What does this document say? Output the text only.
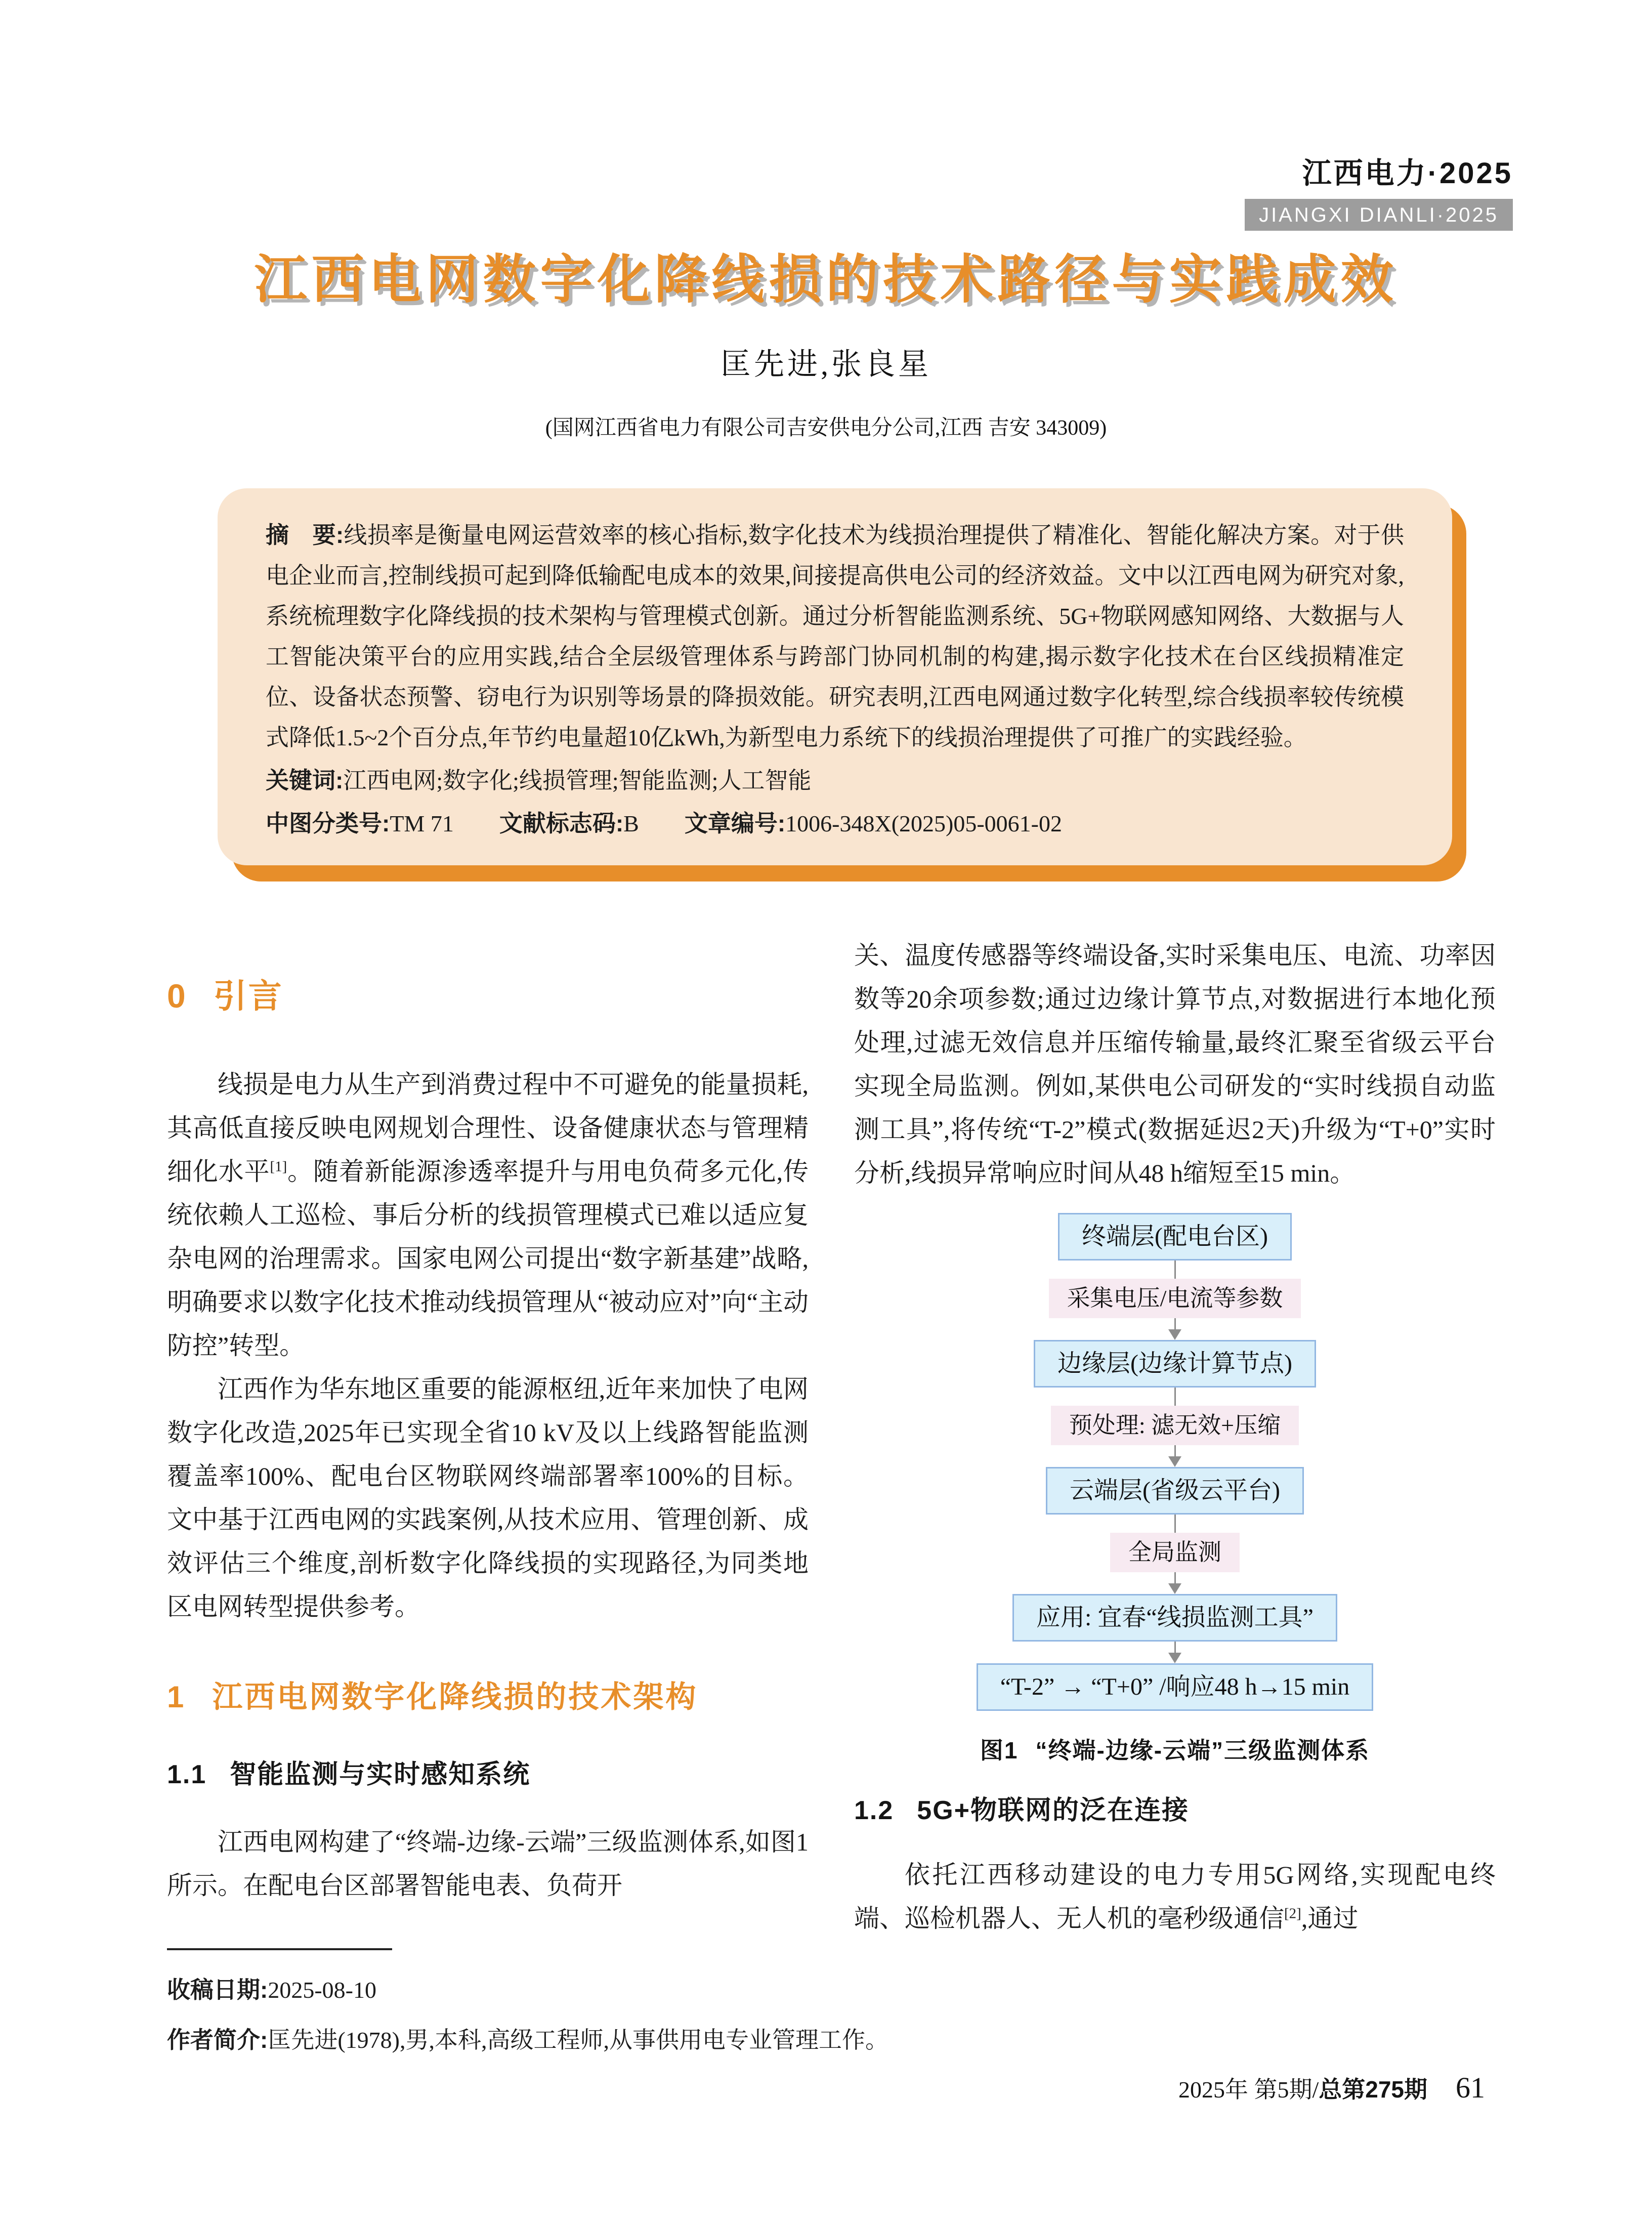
江西电力·2025
JIANGXI DIANLI·2025
江西电网数字化降线损的技术路径与实践成效
匡先进,张良星
(国网江西省电力有限公司吉安供电分公司,江西 吉安 343009)

摘　要:线损率是衡量电网运营效率的核心指标,数字化技术为线损治理提供了精准化、智能化解决方案。对于供电企业而言,控制线损可起到降低输配电成本的效果,间接提高供电公司的经济效益。文中以江西电网为研究对象,系统梳理数字化降线损的技术架构与管理模式创新。通过分析智能监测系统、5G+物联网感知网络、大数据与人工智能决策平台的应用实践,结合全层级管理体系与跨部门协同机制的构建,揭示数字化技术在台区线损精准定位、设备状态预警、窃电行为识别等场景的降损效能。研究表明,江西电网通过数字化转型,综合线损率较传统模式降低1.5~2个百分点,年节约电量超10亿kWh,为新型电力系统下的线损治理提供了可推广的实践经验。

关键词:江西电网;数字化;线损管理;智能监测;人工智能

中图分类号:TM 71 文献标志码:B 文章编号:1006-348X(2025)05-0061-02

0 引言

线损是电力从生产到消费过程中不可避免的能量损耗,其高低直接反映电网规划合理性、设备健康状态与管理精细化水平[1]。随着新能源渗透率提升与用电负荷多元化,传统依赖人工巡检、事后分析的线损管理模式已难以适应复杂电网的治理需求。国家电网公司提出“数字新基建”战略,明确要求以数字化技术推动线损管理从“被动应对”向“主动防控”转型。

江西作为华东地区重要的能源枢纽,近年来加快了电网数字化改造,2025年已实现全省10 kV及以上线路智能监测覆盖率100%、配电台区物联网终端部署率100%的目标。文中基于江西电网的实践案例,从技术应用、管理创新、成效评估三个维度,剖析数字化降线损的实现路径,为同类地区电网转型提供参考。

1 江西电网数字化降线损的技术架构
1.1 智能监测与实时感知系统

江西电网构建了“终端-边缘-云端”三级监测体系,如图1所示。在配电台区部署智能电表、负荷开

关、温度传感器等终端设备,实时采集电压、电流、功率因数等20余项参数;通过边缘计算节点,对数据进行本地化预处理,过滤无效信息并压缩传输量,最终汇聚至省级云平台实现全局监测。例如,某供电公司研发的“实时线损自动监测工具”,将传统“T-2”模式(数据延迟2天)升级为“T+0”实时分析,线损异常响应时间从48 h缩短至15 min。

终端层(配电台区)
采集电压/电流等参数
边缘层(边缘计算节点)
预处理: 滤无效+压缩
云端层(省级云平台)
全局监测
应用: 宜春“线损监测工具”
“T-2” → “T+0” /响应48 h→15 min
图1 “终端-边缘-云端”三级监测体系
1.2 5G+物联网的泛在连接

依托江西移动建设的电力专用5G网络,实现配电终端、巡检机器人、无人机的毫秒级通信[2],通过

收稿日期:2025-08-10

作者简介:匡先进(1978),男,本科,高级工程师,从事供用电专业管理工作。

2025年 第5期/总第275期 61
